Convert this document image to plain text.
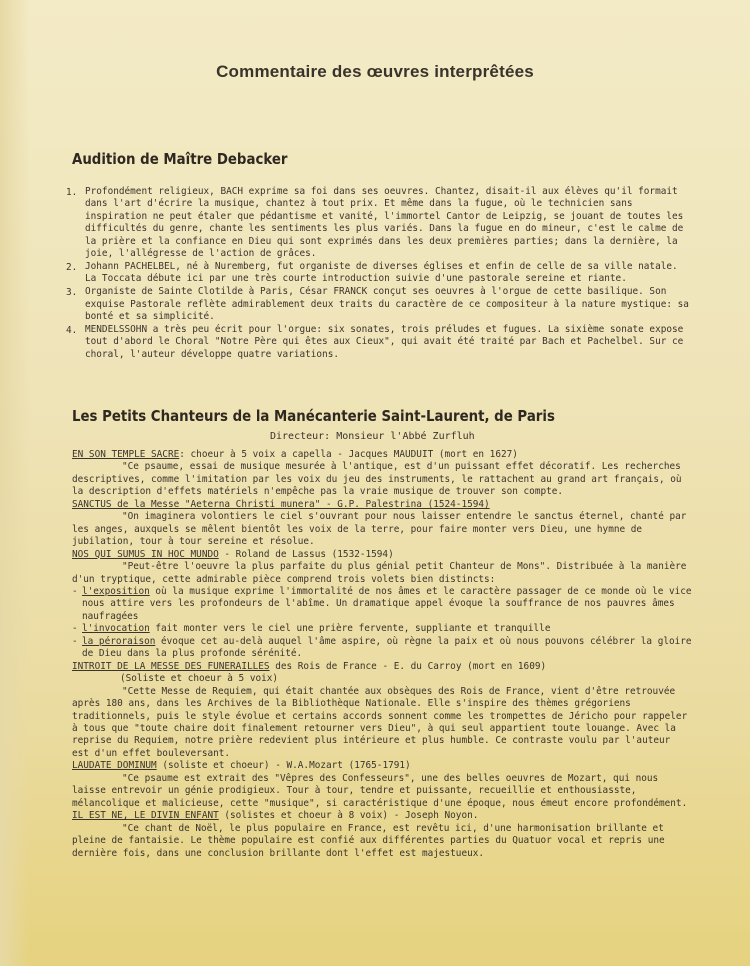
Commentaire des œuvres interprêtées
Audition de Maître Debacker
1. Profondément religieux, BACH exprime sa foi dans ses oeuvres. Chantez, disait-il aux élèves qu'il formait dans l'art d'écrire la musique, chantez à tout prix. Et même dans la fugue, où le technicien sans inspiration ne peut étaler que pédantisme et vanité, l'immortel Cantor de Leipzig, se jouant de toutes les difficultés du genre, chante les sentiments les plus variés. Dans la fugue en do mineur, c'est le calme de la prière et la confiance en Dieu qui sont exprimés dans les deux premières parties; dans la dernière, la joie, l'allégresse de l'action de grâces.
2. Johann PACHELBEL, né à Nuremberg, fut organiste de diverses églises et enfin de celle de sa ville natale. La Toccata débute ici par une très courte introduction suivie d'une pastorale sereine et riante.
3. Organiste de Sainte Clotilde à Paris, César FRANCK conçut ses oeuvres à l'orgue de cette basilique. Son exquise Pastorale reflète admirablement deux traits du caractère de ce compositeur à la nature mystique: sa bonté et sa simplicité.
4. MENDELSSOHN a très peu écrit pour l'orgue: six sonates, trois préludes et fugues. La sixième sonate expose tout d'abord le Choral "Notre Père qui êtes aux Cieux", qui avait été traité par Bach et Pachelbel. Sur ce choral, l'auteur développe quatre variations.
Les Petits Chanteurs de la Manécanterie Saint-Laurent, de Paris
Directeur: Monsieur l'Abbé Zurfluh

EN SON TEMPLE SACRE: choeur à 5 voix a capella - Jacques MAUDUIT (mort en 1627)

"Ce psaume, essai de musique mesurée à l'antique, est d'un puissant effet décoratif. Les recherches descriptives, comme l'imitation par les voix du jeu des instruments, le rattachent au grand art français, où la description d'effets matériels n'empêche pas la vraie musique de trouver son compte.

SANCTUS de la Messe "Aeterna Christi munera" - G.P. Palestrina (1524-1594)

"On imaginera volontiers le ciel s'ouvrant pour nous laisser entendre le sanctus éternel, chanté par les anges, auxquels se mêlent bientôt les voix de la terre, pour faire monter vers Dieu, une hymne de jubilation, tour à tour sereine et résolue.

NOS QUI SUMUS IN HOC MUNDO - Roland de Lassus (1532-1594)

"Peut-être l'oeuvre la plus parfaite du plus génial petit Chanteur de Mons". Distribuée à la manière d'un tryptique, cette admirable pièce comprend trois volets bien distincts:

- l'exposition où la musique exprime l'immortalité de nos âmes et le caractère passager de ce monde où le vice nous attire vers les profondeurs de l'abîme. Un dramatique appel évoque la souffrance de nos pauvres âmes naufragées

- l'invocation fait monter vers le ciel une prière fervente, suppliante et tranquille

- la péroraison évoque cet au-delà auquel l'âme aspire, où règne la paix et où nous pouvons célébrer la gloire de Dieu dans la plus profonde sérénité.

INTROIT DE LA MESSE DES FUNERAILLES des Rois de France - E. du Carroy (mort en 1609)

(Soliste et choeur à 5 voix)

"Cette Messe de Requiem, qui était chantée aux obsèques des Rois de France, vient d'être retrouvée après 180 ans, dans les Archives de la Bibliothèque Nationale. Elle s'inspire des thèmes grégoriens traditionnels, puis le style évolue et certains accords sonnent comme les trompettes de Jéricho pour rappeler à tous que "toute chaire doit finalement retourner vers Dieu", à qui seul appartient toute louange. Avec la reprise du Requiem, notre prière redevient plus intérieure et plus humble. Ce contraste voulu par l'auteur est d'un effet bouleversant.

LAUDATE DOMINUM (soliste et choeur) - W.A.Mozart (1765-1791)

"Ce psaume est extrait des "Vêpres des Confesseurs", une des belles oeuvres de Mozart, qui nous laisse entrevoir un génie prodigieux. Tour à tour, tendre et puissante, recueillie et enthousiasste, mélancolique et malicieuse, cette "musique", si caractéristique d'une époque, nous émeut encore profondément.

IL EST NE, LE DIVIN ENFANT (solistes et choeur à 8 voix) - Joseph Noyon.

"Ce chant de Noël, le plus populaire en France, est revêtu ici, d'une harmonisation brillante et pleine de fantaisie. Le thème populaire est confié aux différentes parties du Quatuor vocal et repris une dernière fois, dans une conclusion brillante dont l'effet est majestueux.
